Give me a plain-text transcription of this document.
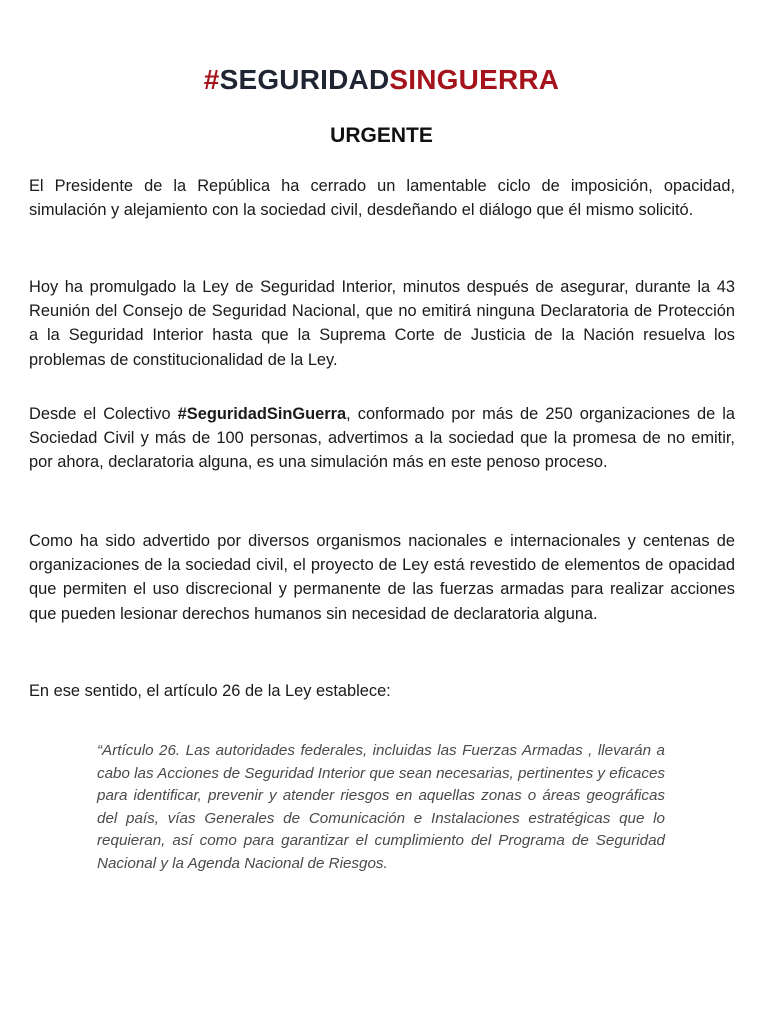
#SEGURIDADSINGUERRA
URGENTE

El Presidente de la República ha cerrado un lamentable ciclo de imposición, opacidad, simulación y alejamiento con la sociedad civil, desdeñando el diálogo que él mismo solicitó.

Hoy ha promulgado la Ley de Seguridad Interior, minutos después de asegurar, durante la 43 Reunión del Consejo de Seguridad Nacional, que no emitirá ninguna Declaratoria de Protección a la Seguridad Interior hasta que la Suprema Corte de Justicia de la Nación resuelva los problemas de constitucionalidad de la Ley.

Desde el Colectivo #SeguridadSinGuerra, conformado por más de 250 organizaciones de la Sociedad Civil y más de 100 personas, advertimos a la sociedad que la promesa de no emitir, por ahora, declaratoria alguna, es una simulación más en este penoso proceso.

Como ha sido advertido por diversos organismos nacionales e internacionales y centenas de organizaciones de la sociedad civil, el proyecto de Ley está revestido de elementos de opacidad que permiten el uso discrecional y permanente de las fuerzas armadas para realizar acciones que pueden lesionar derechos humanos sin necesidad de declaratoria alguna.

En ese sentido, el artículo 26 de la Ley establece:

“Artículo 26. Las autoridades federales, incluidas las Fuerzas Armadas , llevarán a cabo las Acciones de Seguridad Interior que sean necesarias, pertinentes y eficaces para identificar, prevenir y atender riesgos en aquellas zonas o áreas geográficas del país, vías Generales de Comunicación e Instalaciones estratégicas que lo requieran, así como para garantizar el cumplimiento del Programa de Seguridad Nacional y la Agenda Nacional de Riesgos.
